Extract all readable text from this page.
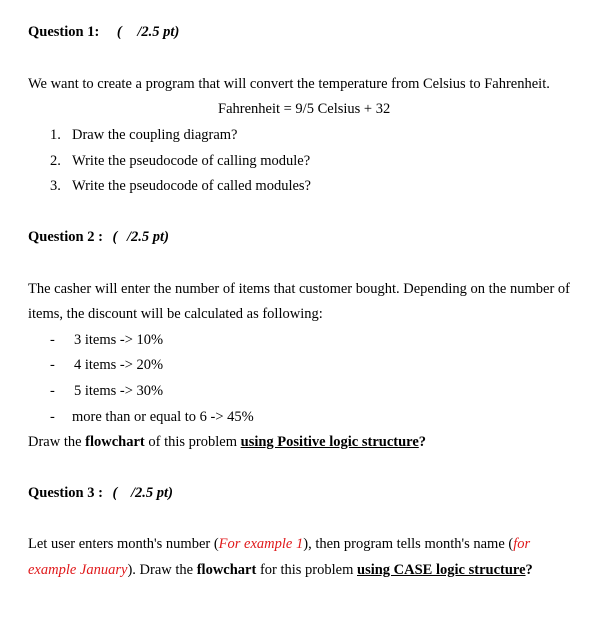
Question 1: ( /2.5 pt)
We want to create a program that will convert the temperature from Celsius to Fahrenheit.
Fahrenheit = 9/5 Celsius + 32
1. Draw the coupling diagram?
2. Write the pseudocode of calling module?
3. Write the pseudocode of called modules?
Question 2 : ( /2.5 pt)
The casher will enter the number of items that customer bought. Depending on the number of
items, the discount will be calculated as following:
- 3 items -> 10%
- 4 items -> 20%
- 5 items -> 30%
- more than or equal to 6 -> 45%
Draw the flowchart of this problem using Positive logic structure?
Question 3 : ( /2.5 pt)
Let user enters month's number (For example 1), then program tells month's name (for
example January). Draw the flowchart for this problem using CASE logic structure?
